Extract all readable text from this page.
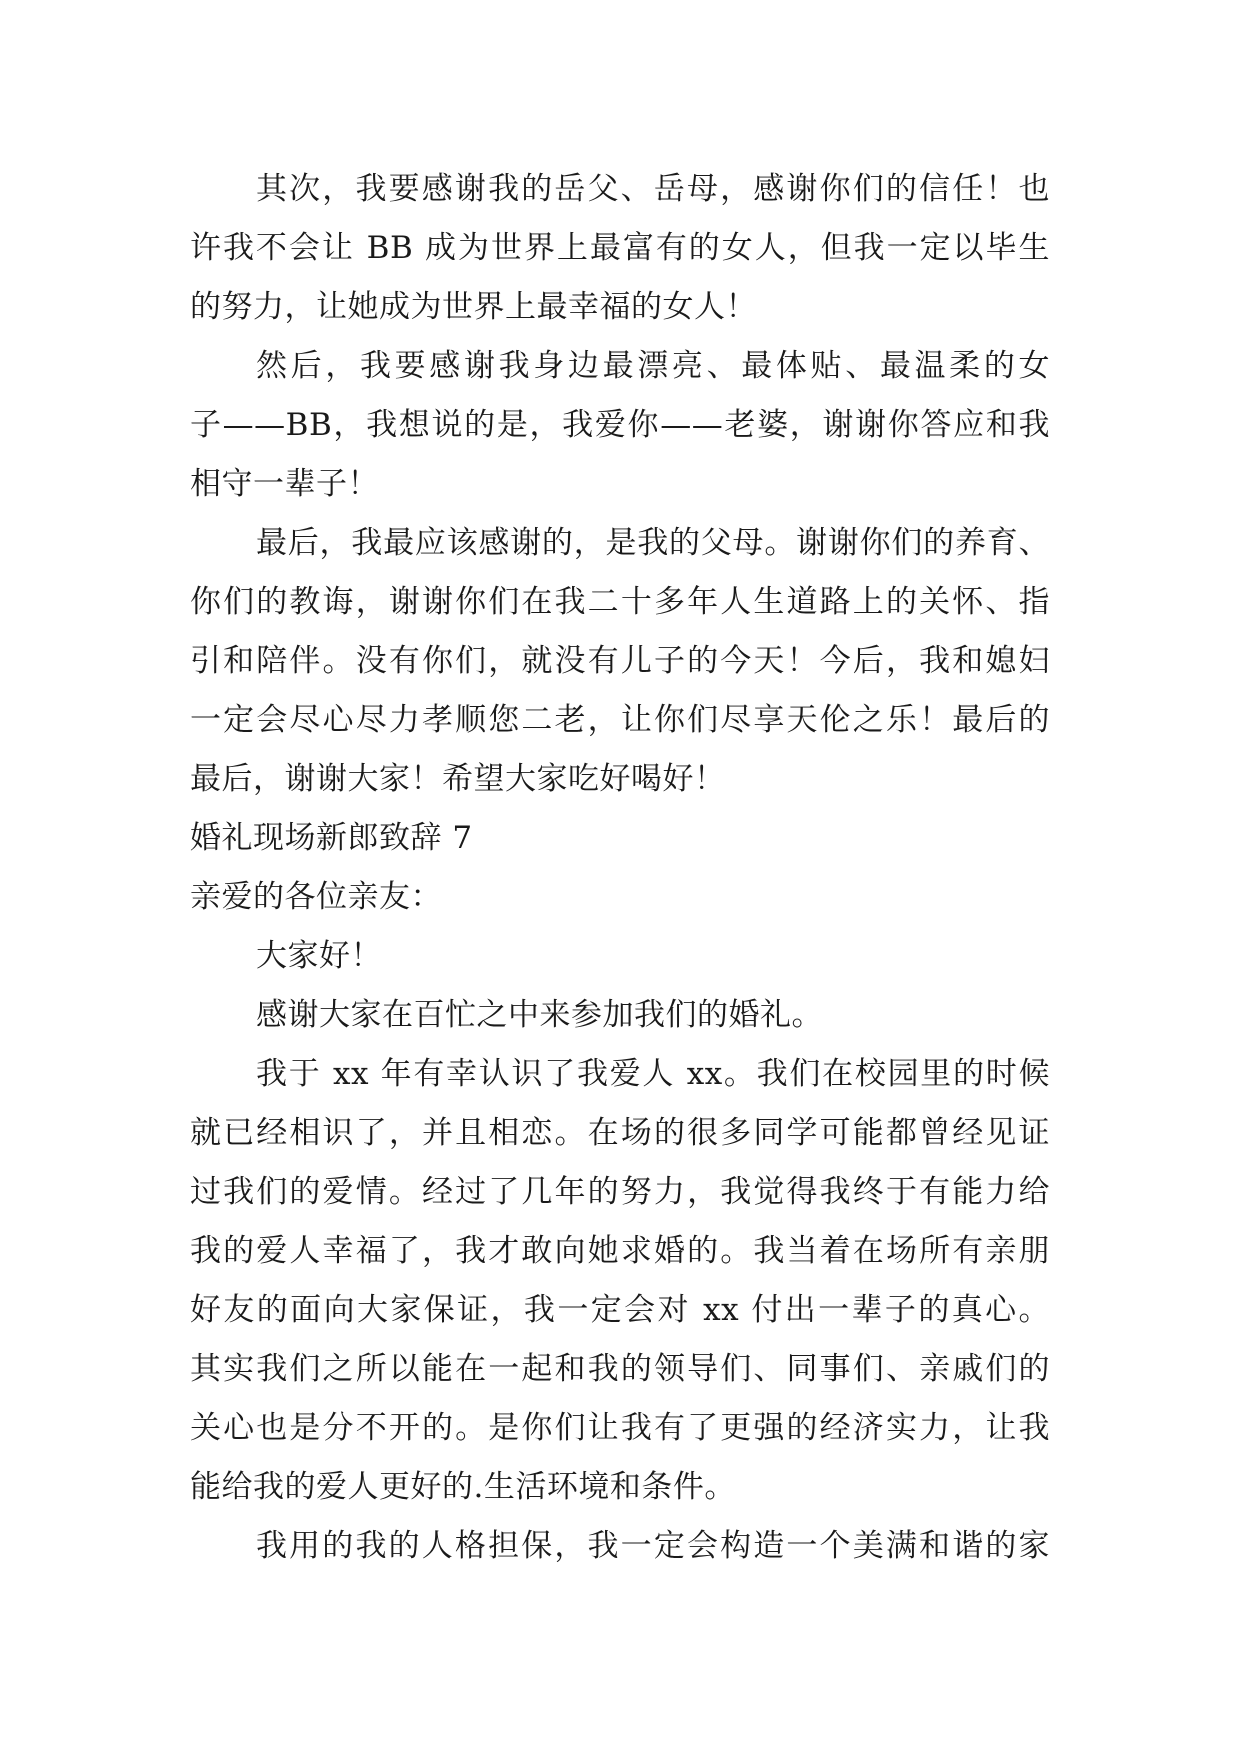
其次，我要感谢我的岳父、岳母，感谢你们的信任！也
许我不会让 BB 成为世界上最富有的女人，但我一定以毕生
的努力，让她成为世界上最幸福的女人！
然后，我要感谢我身边最漂亮、最体贴、最温柔的女
子——BB，我想说的是，我爱你——老婆，谢谢你答应和我
相守一辈子！
最后，我最应该感谢的，是我的父母。谢谢你们的养育、
你们的教诲，谢谢你们在我二十多年人生道路上的关怀、指
引和陪伴。没有你们，就没有儿子的今天！今后，我和媳妇
一定会尽心尽力孝顺您二老，让你们尽享天伦之乐！最后的
最后，谢谢大家！希望大家吃好喝好！
婚礼现场新郎致辞 7
亲爱的各位亲友：
大家好！
感谢大家在百忙之中来参加我们的婚礼。
我于 xx 年有幸认识了我爱人 xx。我们在校园里的时候
就已经相识了，并且相恋。在场的很多同学可能都曾经见证
过我们的爱情。经过了几年的努力，我觉得我终于有能力给
我的爱人幸福了，我才敢向她求婚的。我当着在场所有亲朋
好友的面向大家保证，我一定会对 xx 付出一辈子的真心。
其实我们之所以能在一起和我的领导们、同事们、亲戚们的
关心也是分不开的。是你们让我有了更强的经济实力，让我
能给我的爱人更好的.生活环境和条件。
我用的我的人格担保，我一定会构造一个美满和谐的家
